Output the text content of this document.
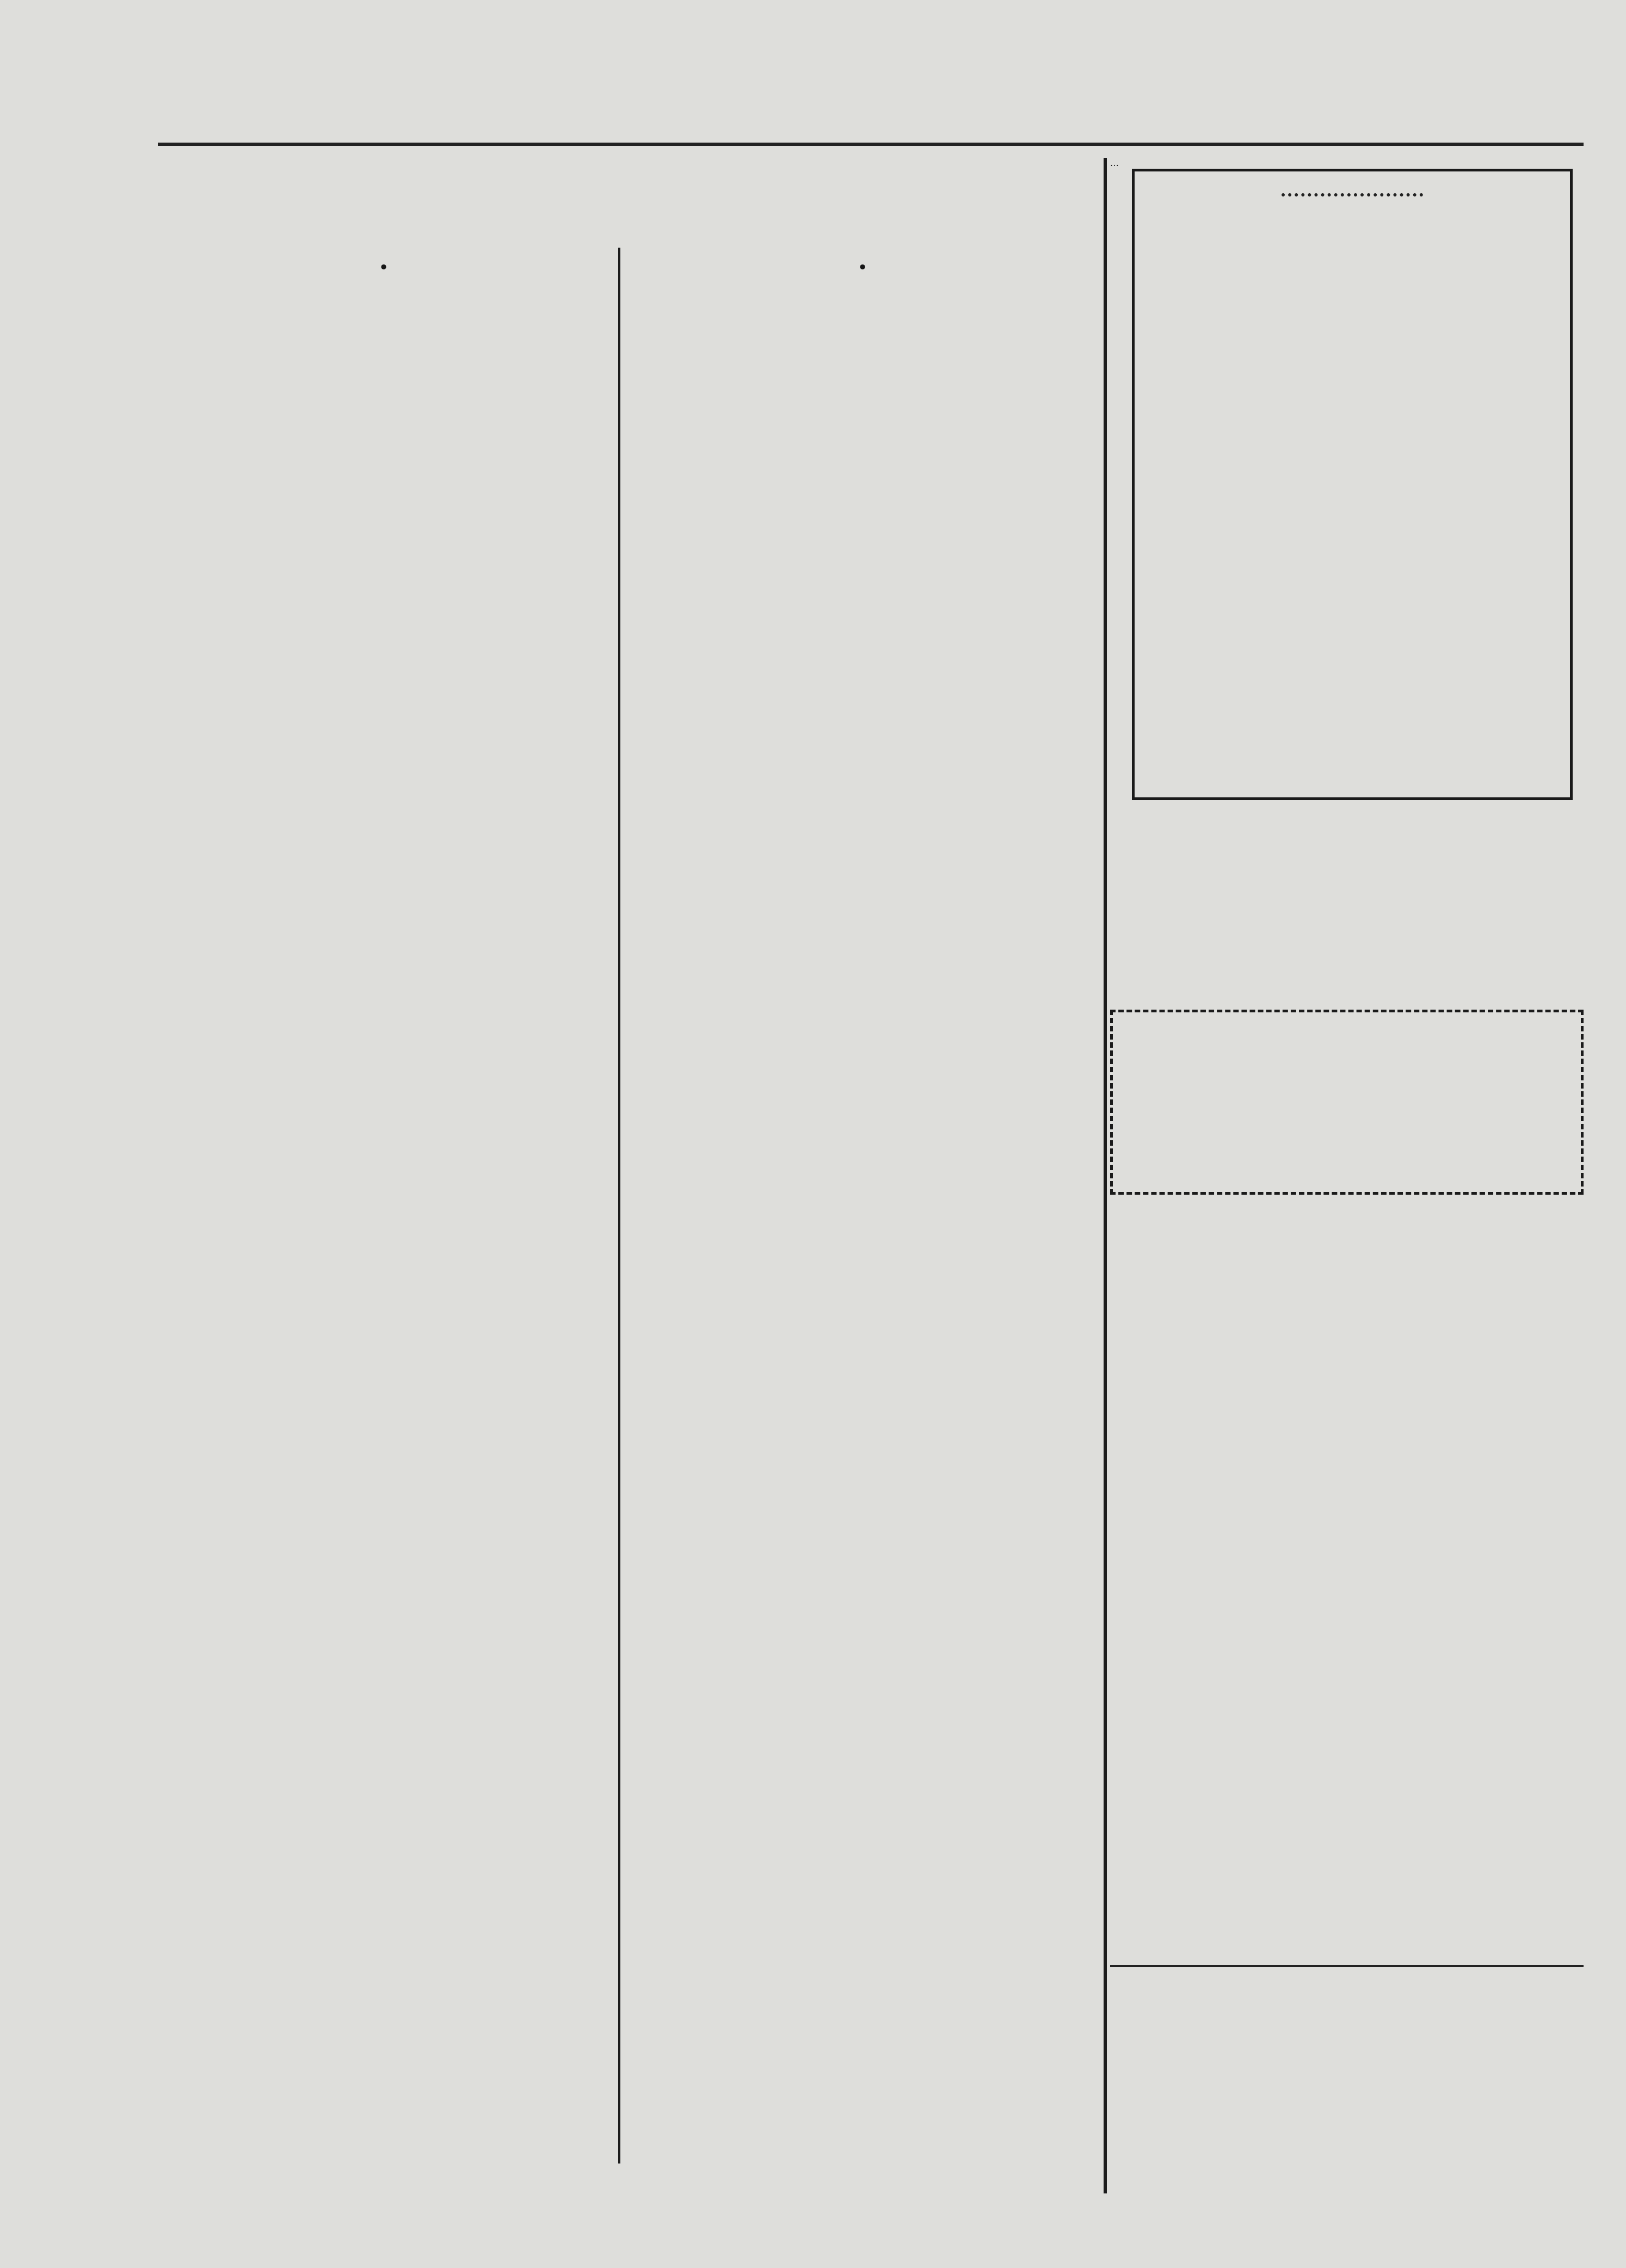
•	•

…
